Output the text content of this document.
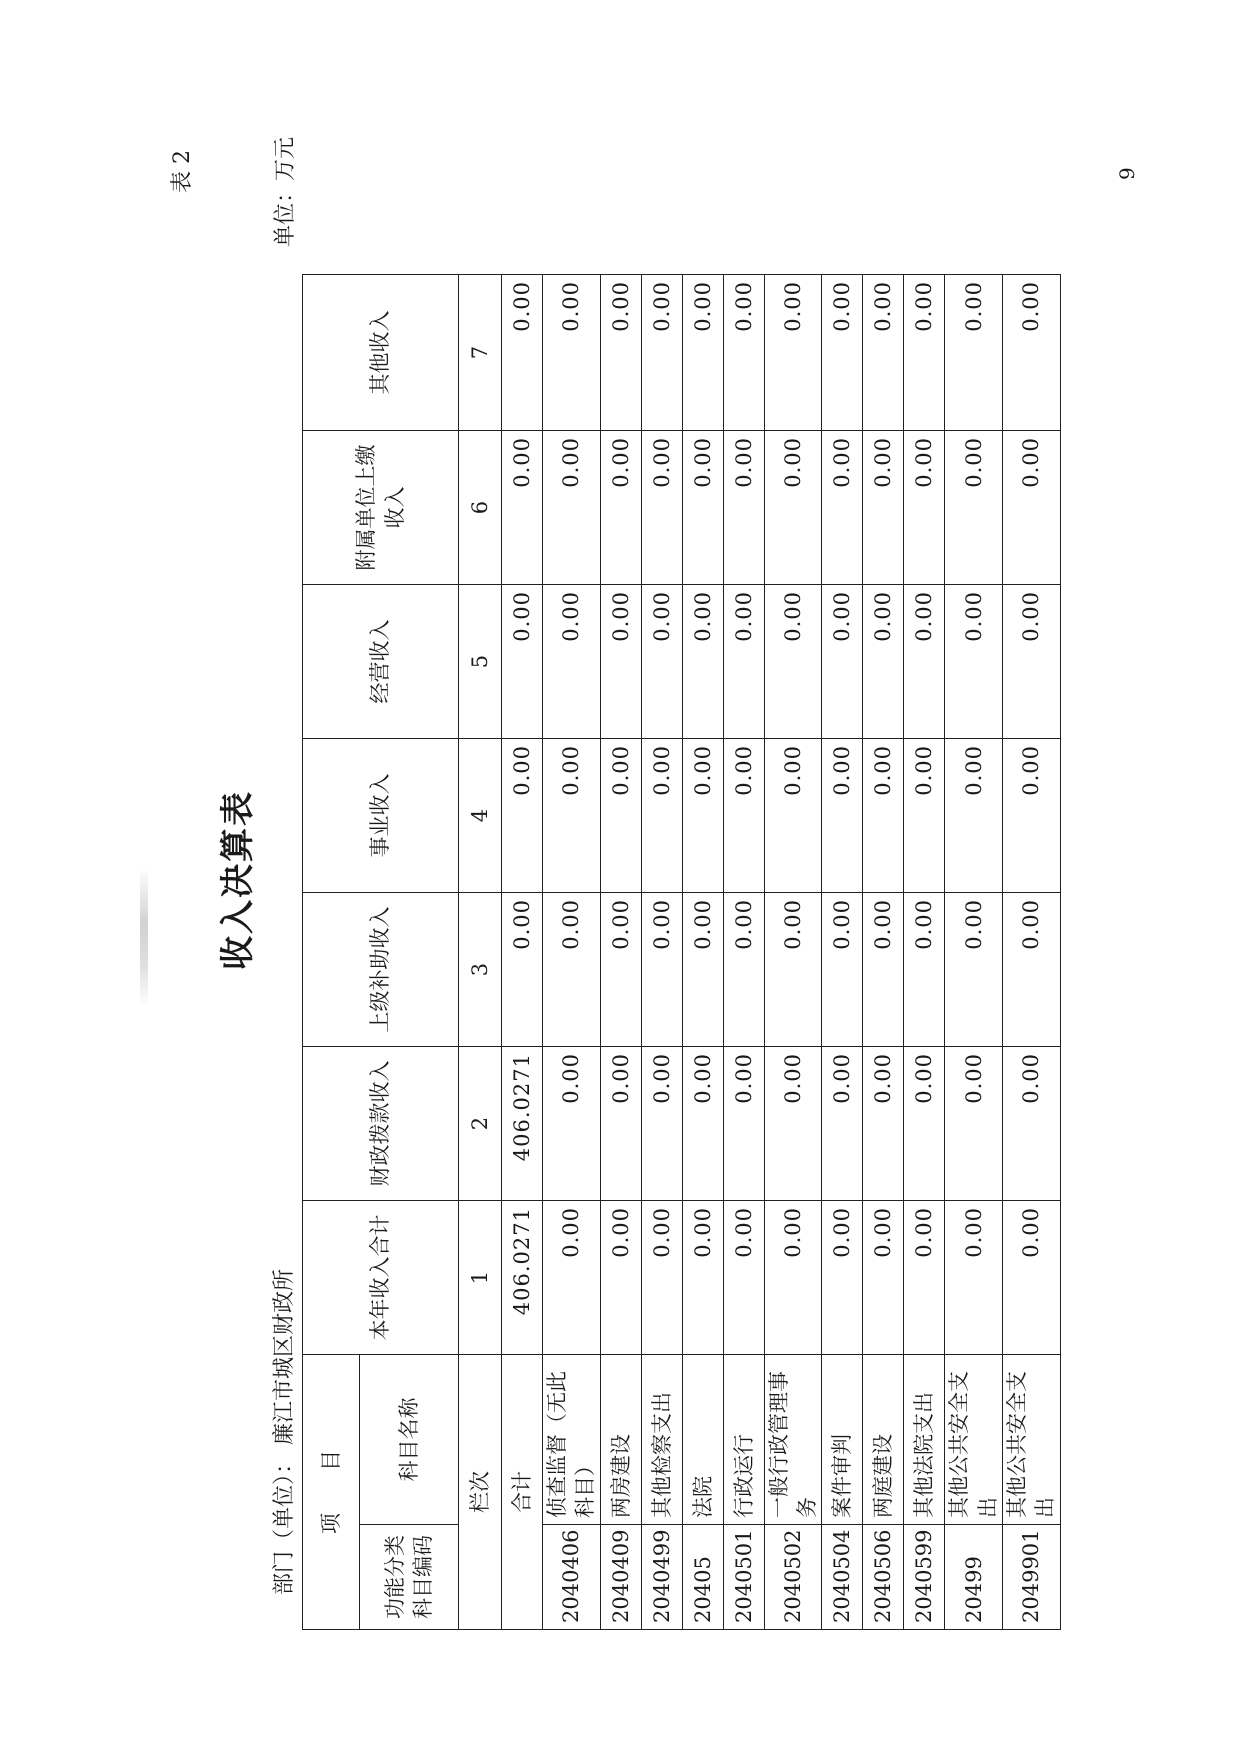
表 2
收入决算表
部门（单位）： 廉江市城区财政所
单位：万元
项　　目		本年收入合计	财政拨款收入	上级补助收入	事业收入	经营收入	附属单位上缴收入	其他收入
功能分类科目编码	科目名称							
栏次		1	2	3	4	5	6	7
合计		406.0271	406.0271	0.00	0.00	0.00	0.00	0.00
2040406	侦查监督（无此科目）	0.00	0.00	0.00	0.00	0.00	0.00	0.00
2040409	两房建设	0.00	0.00	0.00	0.00	0.00	0.00	0.00
2040499	其他检察支出	0.00	0.00	0.00	0.00	0.00	0.00	0.00
20405	法院	0.00	0.00	0.00	0.00	0.00	0.00	0.00
2040501	行政运行	0.00	0.00	0.00	0.00	0.00	0.00	0.00
2040502	一般行政管理事务	0.00	0.00	0.00	0.00	0.00	0.00	0.00
2040504	案件审判	0.00	0.00	0.00	0.00	0.00	0.00	0.00
2040506	两庭建设	0.00	0.00	0.00	0.00	0.00	0.00	0.00
2040599	其他法院支出	0.00	0.00	0.00	0.00	0.00	0.00	0.00
20499	其他公共安全支出	0.00	0.00	0.00	0.00	0.00	0.00	0.00
2049901	其他公共安全支出	0.00	0.00	0.00	0.00	0.00	0.00	0.00
9
